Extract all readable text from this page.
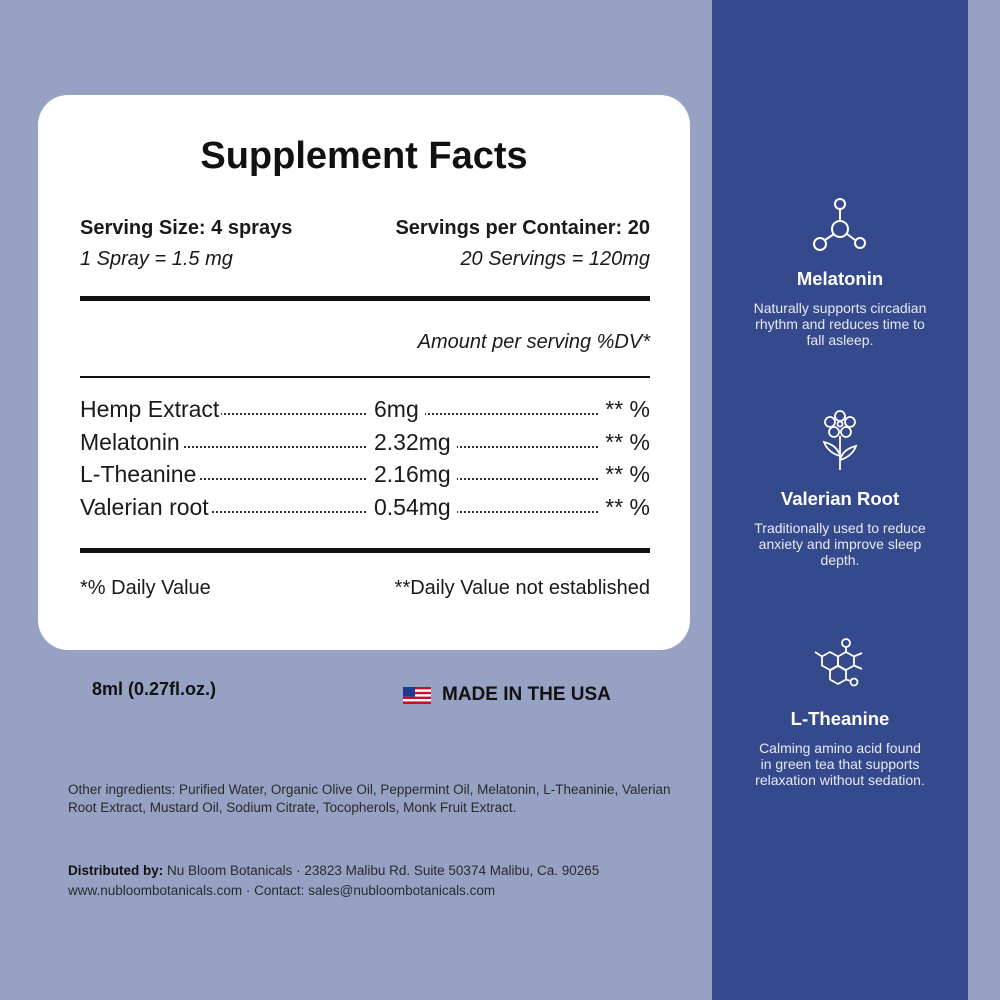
Supplement Facts
Serving Size: 4 sprays
1 Spray = 1.5 mg
Servings per Container: 20
20 Servings = 120mg
Amount per serving %DV*
Hemp Extract	6mg	** %
Melatonin	2.32mg	** %
L-Theanine	2.16mg	** %
Valerian root	0.54mg	** %
*% Daily Value	**Daily Value not established
8ml (0.27fl.oz.)	MADE IN THE USA
Other ingredients: Purified Water, Organic Olive Oil, Peppermint Oil, Melatonin, L-Theaninie, Valerian Root Extract, Mustard Oil, Sodium Citrate, Tocopherols, Monk Fruit Extract.
Distributed by: Nu Bloom Botanicals · 23823 Malibu Rd. Suite 50374 Malibu, Ca. 90265
www.nubloombotanicals.com · Contact: sales@nubloombotanicals.com
Melatonin
Naturally supports circadian rhythm and reduces time to fall asleep.
Valerian Root
Traditionally used to reduce anxiety and improve sleep depth.
L-Theanine
Calming amino acid found in green tea that supports relaxation without sedation.
